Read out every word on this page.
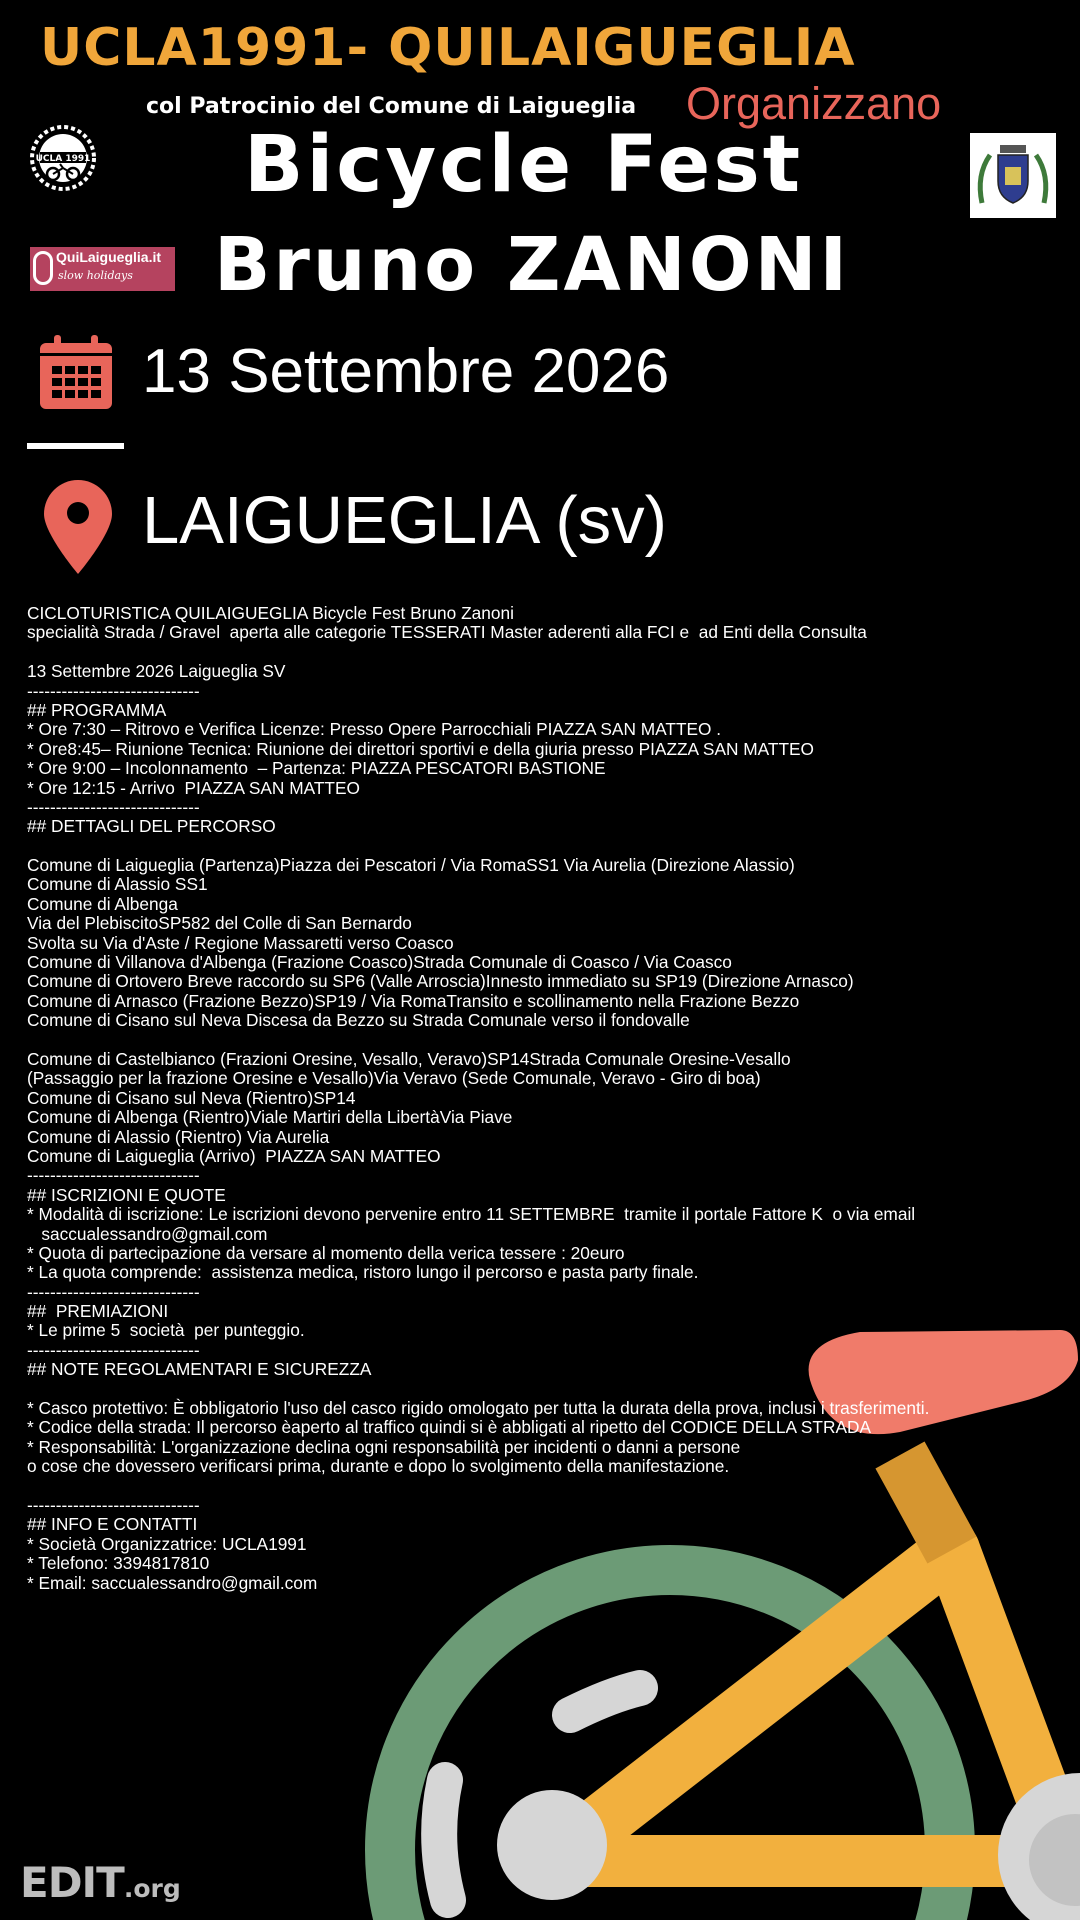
UCLA1991- QUILAIGUEGLIA
col Patrocinio del Comune di Laigueglia Organizzano
UCLA 1991 Bicycle Fest
Bruno ZANONI
QuiLaigueglia.it
slow holidays
13 Settembre 2026
LAIGUEGLIA (sv)
CICLOTURISTICA QUILAIGUEGLIA Bicycle Fest Bruno Zanoni
specialità Strada / Gravel  aperta alle categorie TESSERATI Master aderenti alla FCI e  ad Enti della Consulta
13 Settembre 2026 Laigueglia SV
------------------------------
## PROGRAMMA
* Ore 7:30 – Ritrovo e Verifica Licenze: Presso Opere Parrocchiali PIAZZA SAN MATTEO .
* Ore8:45– Riunione Tecnica: Riunione dei direttori sportivi e della giuria presso PIAZZA SAN MATTEO
* Ore 9:00 – Incolonnamento  – Partenza: PIAZZA PESCATORI BASTIONE
* Ore 12:15 - Arrivo  PIAZZA SAN MATTEO
------------------------------
## DETTAGLI DEL PERCORSO
Comune di Laigueglia (Partenza)Piazza dei Pescatori / Via RomaSS1 Via Aurelia (Direzione Alassio)
Comune di Alassio SS1
Comune di Albenga
Via del PlebiscitoSP582 del Colle di San Bernardo
Svolta su Via d'Aste / Regione Massaretti verso Coasco
Comune di Villanova d'Albenga (Frazione Coasco)Strada Comunale di Coasco / Via Coasco
Comune di Ortovero Breve raccordo su SP6 (Valle Arroscia)Innesto immediato su SP19 (Direzione Arnasco)
Comune di Arnasco (Frazione Bezzo)SP19 / Via RomaTransito e scollinamento nella Frazione Bezzo
Comune di Cisano sul Neva Discesa da Bezzo su Strada Comunale verso il fondovalle
Comune di Castelbianco (Frazioni Oresine, Vesallo, Veravo)SP14Strada Comunale Oresine-Vesallo
(Passaggio per la frazione Oresine e Vesallo)Via Veravo (Sede Comunale, Veravo - Giro di boa)
Comune di Cisano sul Neva (Rientro)SP14
Comune di Albenga (Rientro)Viale Martiri della LibertàVia Piave
Comune di Alassio (Rientro) Via Aurelia
Comune di Laigueglia (Arrivo)  PIAZZA SAN MATTEO
------------------------------
## ISCRIZIONI E QUOTE
* Modalità di iscrizione: Le iscrizioni devono pervenire entro 11 SETTEMBRE  tramite il portale Fattore K  o via email
saccualessandro@gmail.com
* Quota di partecipazione da versare al momento della verica tessere : 20euro
* La quota comprende:  assistenza medica, ristoro lungo il percorso e pasta party finale.
------------------------------
##  PREMIAZIONI
* Le prime 5  società  per punteggio.
------------------------------
## NOTE REGOLAMENTARI E SICUREZZA
* Casco protettivo: È obbligatorio l'uso del casco rigido omologato per tutta la durata della prova, inclusi i trasferimenti.
* Codice della strada: Il percorso èaperto al traffico quindi si è abbligati al ripetto del CODICE DELLA STRADA
* Responsabilità: L'organizzazione declina ogni responsabilità per incidenti o danni a persone
o cose che dovessero verificarsi prima, durante e dopo lo svolgimento della manifestazione.
------------------------------
## INFO E CONTATTI
* Società Organizzatrice: UCLA1991
* Telefono: 3394817810
* Email: saccualessandro@gmail.com
EDIT.org
